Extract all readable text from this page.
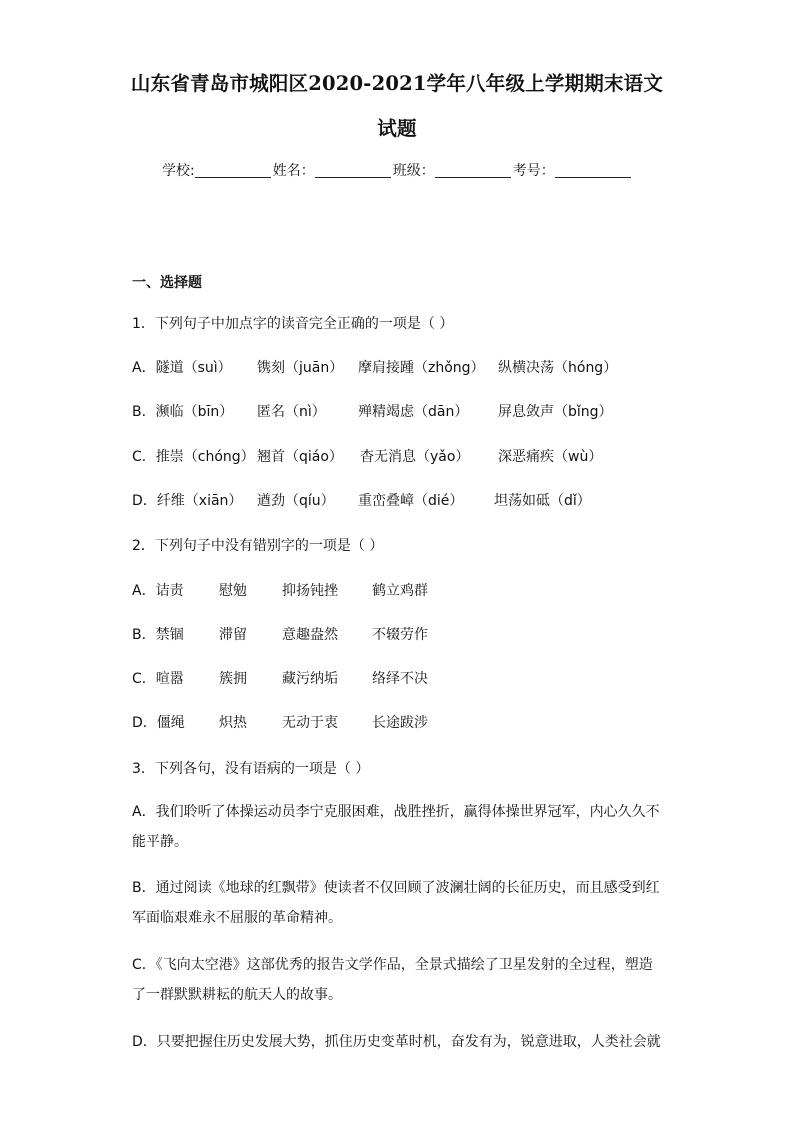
山东省青岛市城阳区2020-2021学年八年级上学期期末语文
试题
学校:	姓名：	班级：	考号：
一、选择题
1．下列句子中加点字的读音完全正确的一项是（ ）
A．隧道（suì） 镌刻（juān） 摩肩接踵（zhǒng） 纵横决荡（hóng）
B．濒临（bīn） 匿名（nì） 殚精竭虑（dān） 屏息敛声（bǐng）
C．推崇（chóng） 翘首（qiáo） 杳无消息（yǎo） 深恶痛疾（wù）
D．纤维（xiān） 遒劲（qíu） 重峦叠嶂（dié） 坦荡如砥（dǐ）
2．下列句子中没有错别字的一项是（ ）
A．诘责	慰勉	抑扬钝挫 鹤立鸡群
B．禁锢	滞留	意趣盎然 不辍劳作
C．喧嚣	簇拥	藏污纳垢 络绎不决
D．僵绳 炽热	无动于衷 长途跋涉
3．下列各句，没有语病的一项是（ ）
A．我们聆听了体操运动员李宁克服困难，战胜挫折，赢得体操世界冠军，内心久久不能平静。
B．通过阅读《地球的红飘带》使读者不仅回顾了波澜壮阔的长征历史，而且感受到红军面临艰难永不屈服的革命精神。
C．《飞向太空港》这部优秀的报告文学作品，全景式描绘了卫星发射的全过程，塑造了一群默默耕耘的航天人的故事。
D．只要把握住历史发展大势，抓住历史变革时机，奋发有为，锐意进取，人类社会就
